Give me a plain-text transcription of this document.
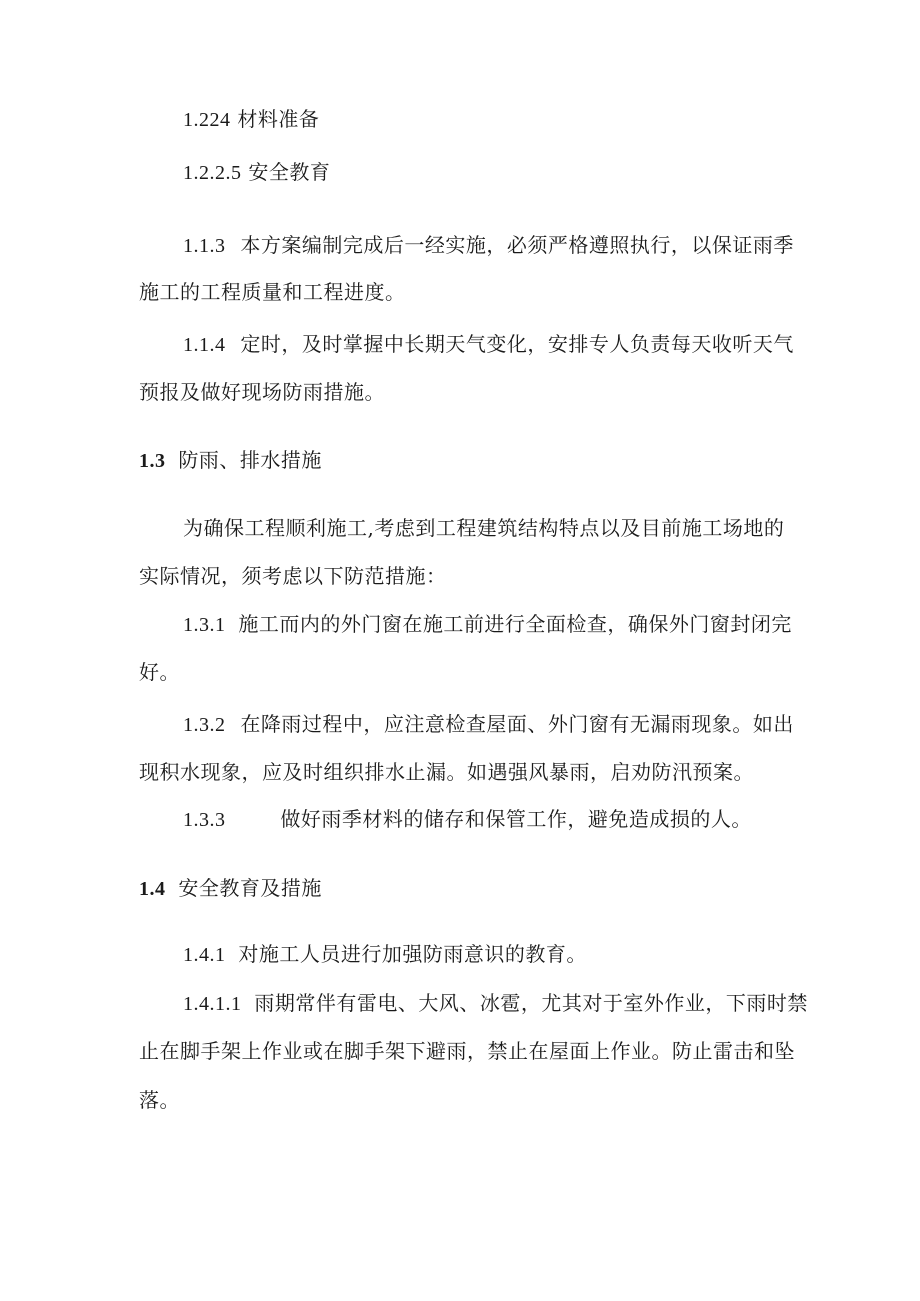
1.224 材料准备
1.2.2.5 安全教育
1.1.3 本方案编制完成后一经实施，必须严格遵照执行，以保证雨季
施工的工程质量和工程进度。
1.1.4 定时，及时掌握中长期天气变化，安排专人负责每天收听天气
预报及做好现场防雨措施。
1.3 防雨、排水措施
为确保工程顺利施工,考虑到工程建筑结构特点以及目前施工场地的
实际情况，须考虑以下防范措施：
1.3.1 施工而内的外门窗在施工前进行全面检查，确保外门窗封闭完
好。
1.3.2 在降雨过程中，应注意检查屋面、外门窗有无漏雨现象。如出
现积水现象，应及时组织排水止漏。如遇强风暴雨，启劝防汛预案。
1.3.3	做好雨季材料的储存和保管工作，避免造成损的人。
1.4 安全教育及措施
1.4.1 对施工人员进行加强防雨意识的教育。
1.4.1.1 雨期常伴有雷电、大风、冰雹，尤其对于室外作业，下雨时禁
止在脚手架上作业或在脚手架下避雨，禁止在屋面上作业。防止雷击和坠
落。
